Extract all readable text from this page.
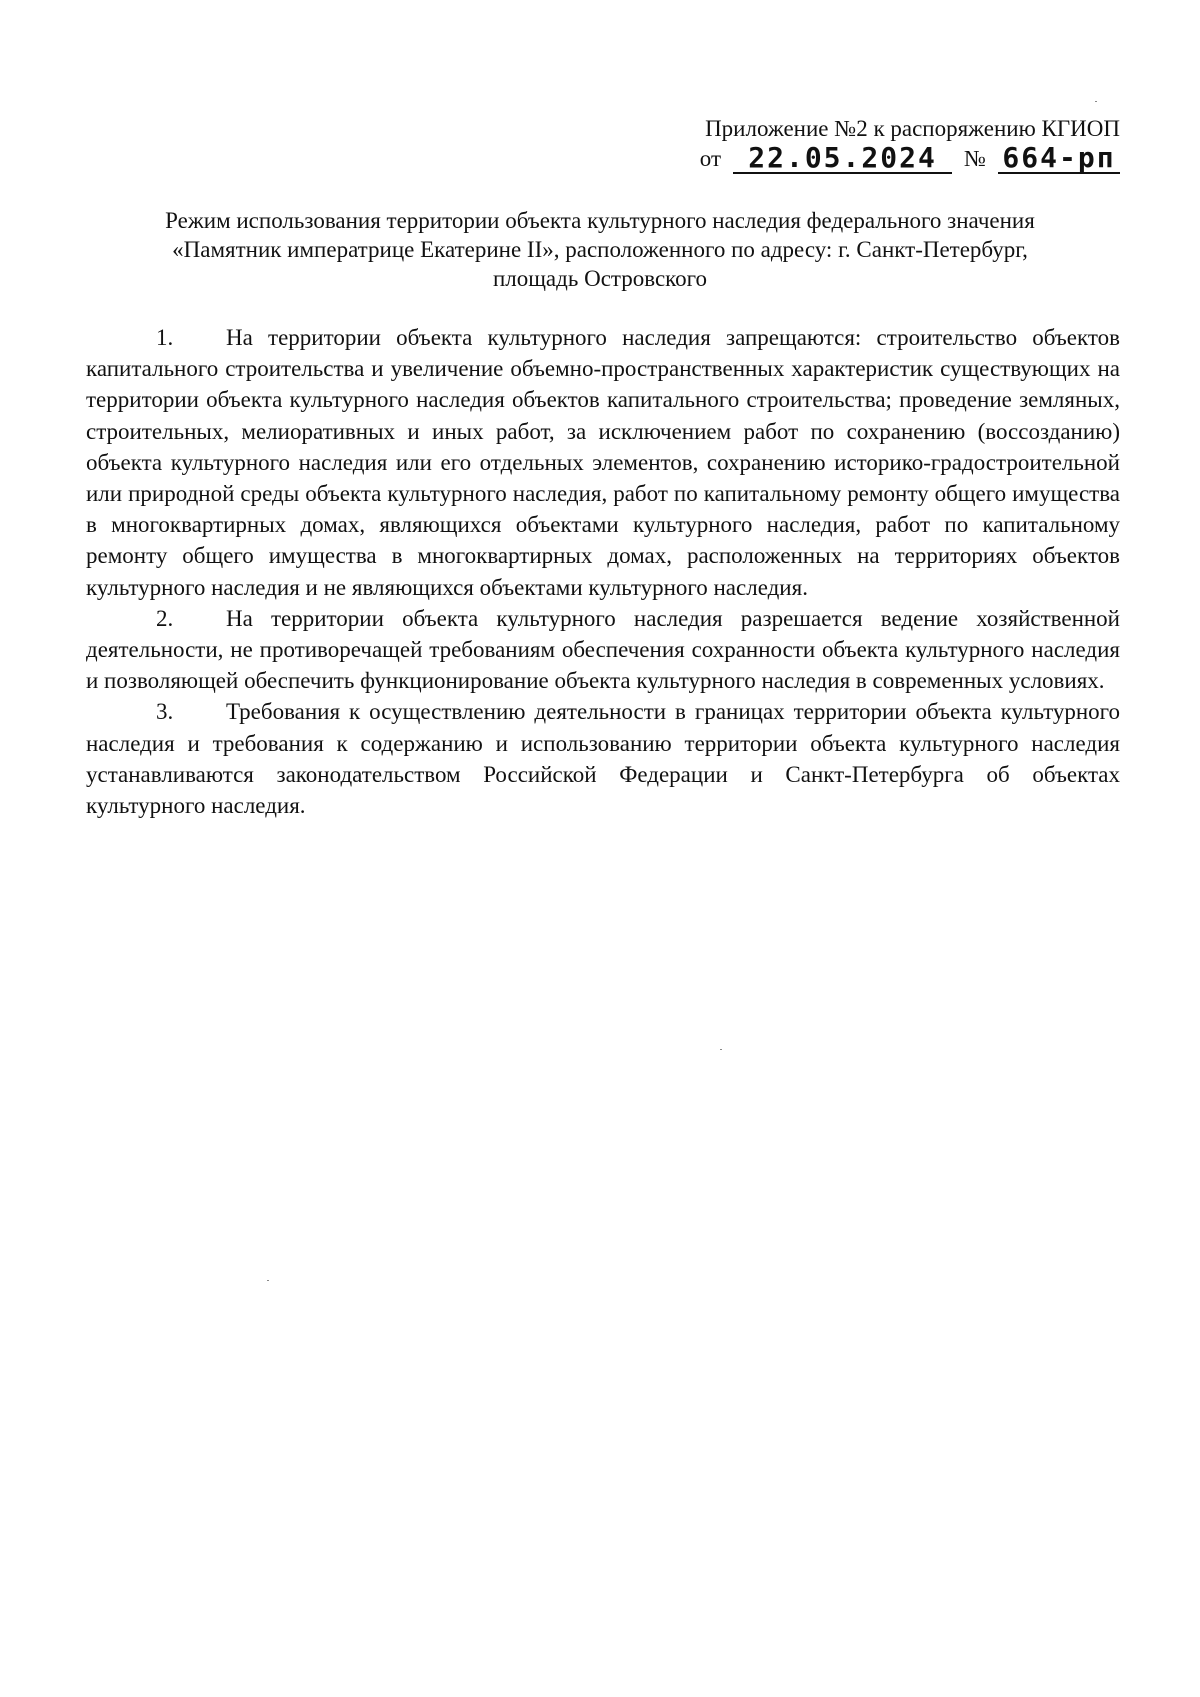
Приложение №2 к распоряжению КГИОП
от 22.05.2024	№ 664-рп
Режим использования территории объекта культурного наследия федерального значения
«Памятник императрице Екатерине II», расположенного по адресу: г. Санкт-Петербург,
площадь Островского

1. На территории объекта культурного наследия запрещаются: строительство объектов капитального строительства и увеличение объемно-пространственных характеристик существующих на территории объекта культурного наследия объектов капитального строительства; проведение земляных, строительных, мелиоративных и иных работ, за исключением работ по сохранению (воссозданию) объекта культурного наследия или его отдельных элементов, сохранению историко-градостроительной или природной среды объекта культурного наследия, работ по капитальному ремонту общего имущества в многоквартирных домах, являющихся объектами культурного наследия, работ по капитальному ремонту общего имущества в многоквартирных домах, расположенных на территориях объектов культурного наследия и не являющихся объектами культурного наследия.

2. На территории объекта культурного наследия разрешается ведение хозяйственной деятельности, не противоречащей требованиям обеспечения сохранности объекта культурного наследия и позволяющей обеспечить функционирование объекта культурного наследия в современных условиях.

3. Требования к осуществлению деятельности в границах территории объекта культурного наследия и требования к содержанию и использованию территории объекта культурного наследия устанавливаются законодательством Российской Федерации и Санкт-Петербурга об объектах культурного наследия.
